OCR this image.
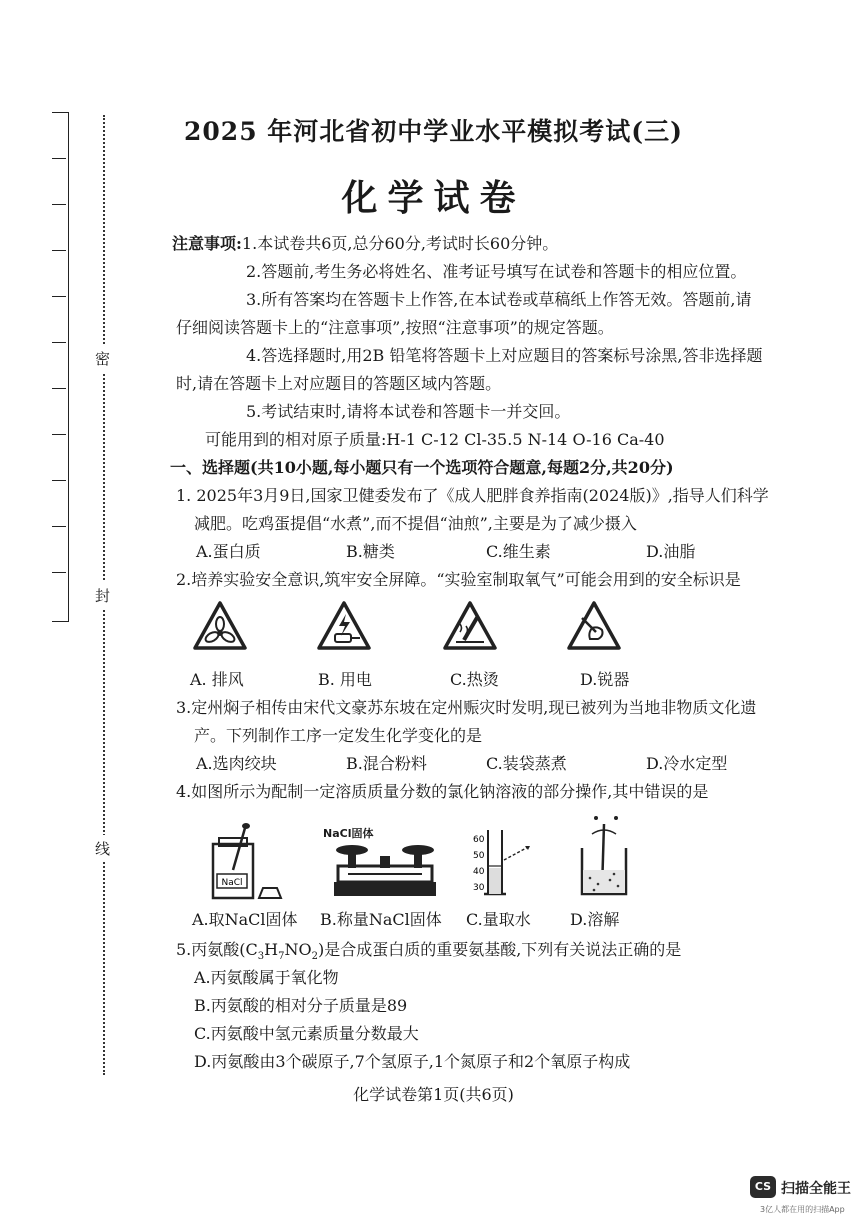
密
封
线
2025 年河北省初中学业水平模拟考试(三)
化学试卷
注意事项:1.本试卷共6页,总分60分,考试时长60分钟。
2.答题前,考生务必将姓名、准考证号填写在试卷和答题卡的相应位置。
3.所有答案均在答题卡上作答,在本试卷或草稿纸上作答无效。答题前,请
仔细阅读答题卡上的“注意事项”,按照“注意事项”的规定答题。
4.答选择题时,用2B 铅笔将答题卡上对应题目的答案标号涂黑,答非选择题
时,请在答题卡上对应题目的答题区域内答题。
5.考试结束时,请将本试卷和答题卡一并交回。
可能用到的相对原子质量:H-1 C-12 Cl-35.5 N-14 O-16 Ca-40
一、选择题(共10小题,每小题只有一个选项符合题意,每题2分,共20分)
1. 2025年3月9日,国家卫健委发布了《成人肥胖食养指南(2024版)》,指导人们科学
减肥。吃鸡蛋提倡“水煮”,而不提倡“油煎”,主要是为了减少摄入
A.蛋白质	B.糖类	C.维生素	D.油脂
2.培养实验安全意识,筑牢安全屏障。“实验室制取氧气”可能会用到的安全标识是
A. 排风	B. 用电	C.热烫	D.锐器
3.定州焖子相传由宋代文豪苏东坡在定州赈灾时发明,现已被列为当地非物质文化遗
产。下列制作工序一定发生化学变化的是
A.选肉绞块	B.混合粉料	C.装袋蒸煮	D.冷水定型
4.如图所示为配制一定溶质质量分数的氯化钠溶液的部分操作,其中错误的是
NaCl
NaCl固体	60
50
40
30
A.取NaCl固体 B.称量NaCl固体 C.量取水 D.溶解
5.丙氨酸$(C_3H_7NO_2)$是合成蛋白质的重要氨基酸,下列有关说法正确的是
A.丙氨酸属于氧化物
B.丙氨酸的相对分子质量是89
C.丙氨酸中氢元素质量分数最大
D.丙氨酸由3个碳原子,7个氢原子,1个氮原子和2个氧原子构成
化学试卷第1页(共6页)
CS 扫描全能王
3亿人都在用的扫描App
